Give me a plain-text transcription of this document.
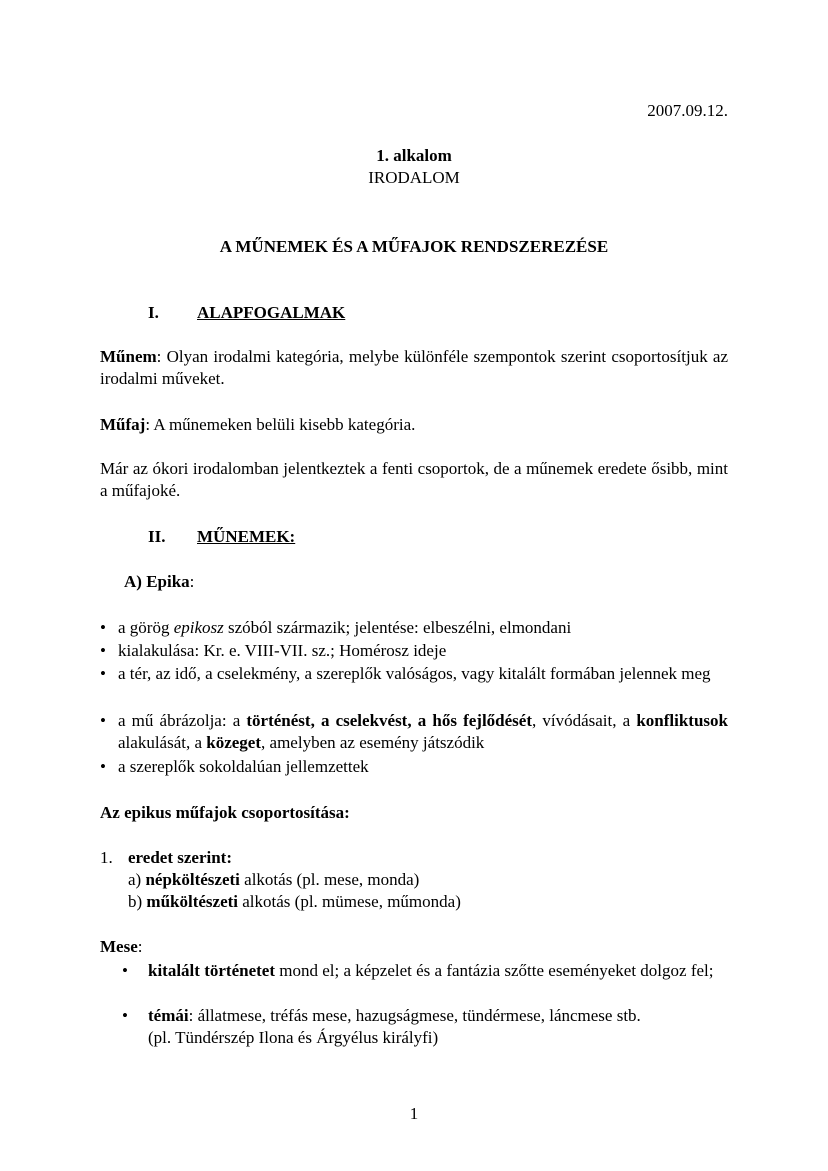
2007.09.12.
1. alkalom
IRODALOM
A MŰNEMEK ÉS A MŰFAJOK RENDSZEREZÉSE
I. ALAPFOGALMAK
Műnem: Olyan irodalmi kategória, melybe különféle szempontok szerint csoportosítjuk az irodalmi műveket.
Műfaj: A műnemeken belüli kisebb kategória.
Már az ókori irodalomban jelentkeztek a fenti csoportok, de a műnemek eredete ősibb, mint a műfajoké.
II. MŰNEMEK:
A) Epika:
• a görög epikosz szóból származik; jelentése: elbeszélni, elmondani
• kialakulása: Kr. e. VIII-VII. sz.; Homérosz ideje
• a tér, az idő, a cselekmény, a szereplők valóságos, vagy kitalált formában jelennek meg
• a mű ábrázolja: a történést, a cselekvést, a hős fejlődését, vívódásait, a konfliktusok alakulását, a közeget, amelyben az esemény játszódik
• a szereplők sokoldalúan jellemzettek
Az epikus műfajok csoportosítása:
1. eredet szerint:
a) népköltészeti alkotás (pl. mese, monda)
b) műköltészeti alkotás (pl. mümese, műmonda)
Mese:
• kitalált történetet mond el; a képzelet és a fantázia szőtte eseményeket dolgoz fel;
• témái: állatmese, tréfás mese, hazugságmese, tündérmese, láncmese stb.
(pl. Tündérszép Ilona és Árgyélus királyfi)
1
